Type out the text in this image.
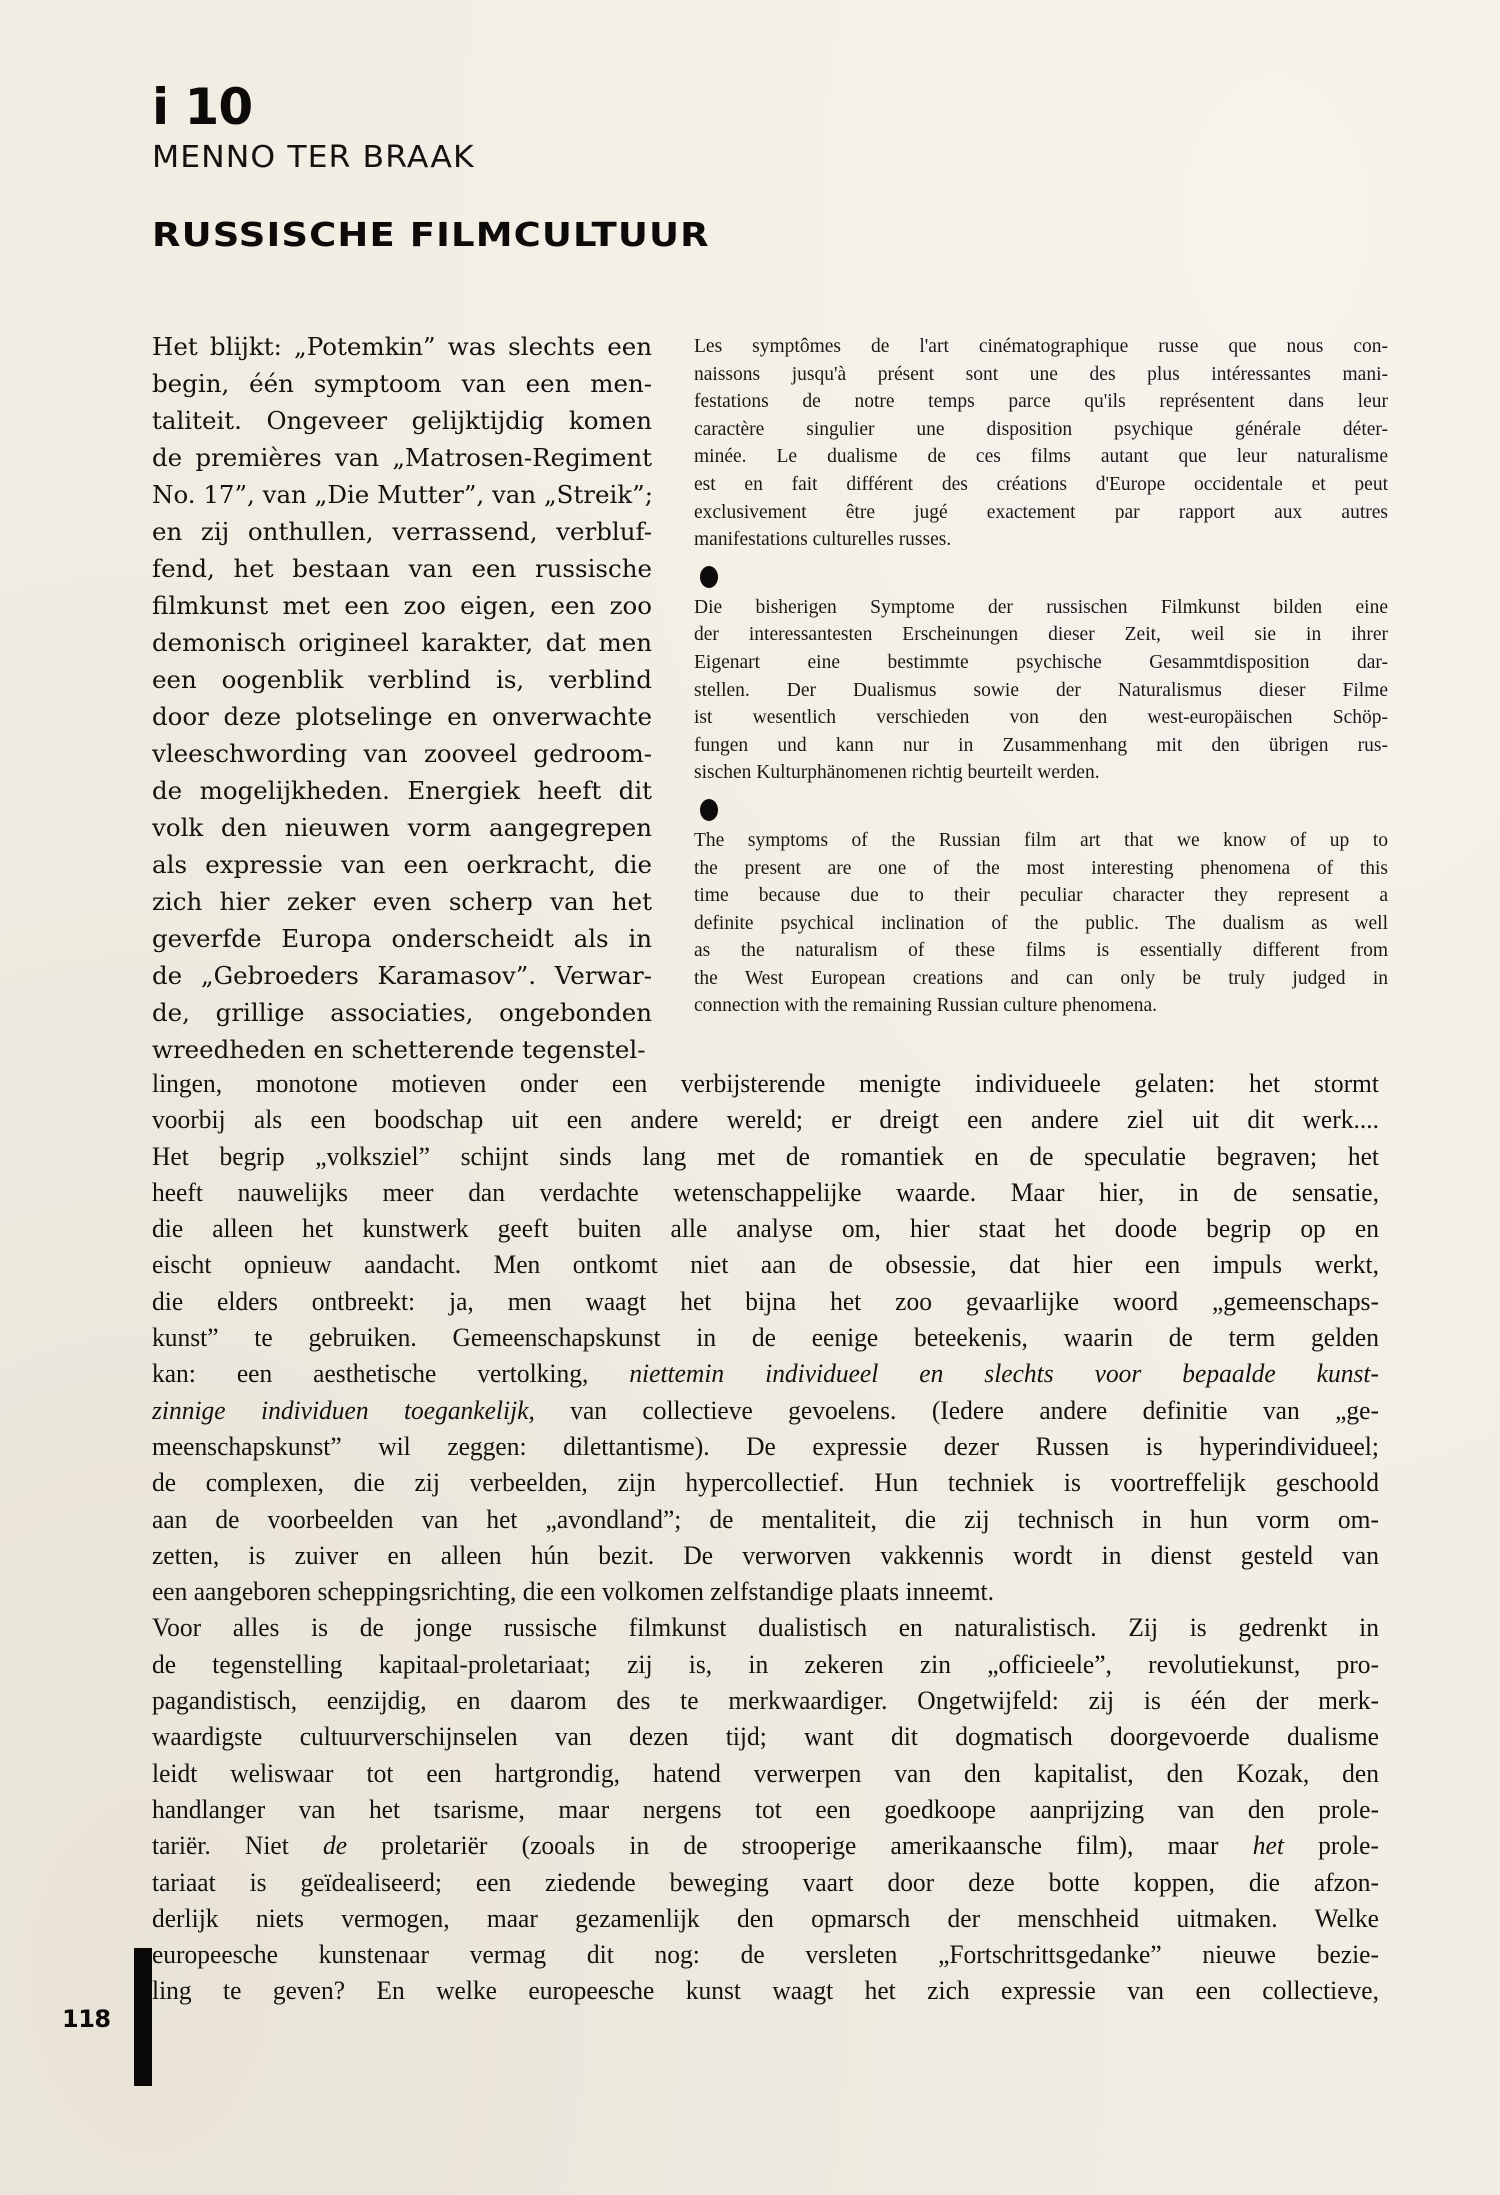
i 10
MENNO TER BRAAK
RUSSISCHE FILMCULTUUR
Het blijkt: „Potemkin” was slechts een
begin, één symptoom van een men-
taliteit. Ongeveer gelijktijdig komen
de premières van „Matrosen-Regiment
No. 17”, van „Die Mutter”, van „Streik”;
en zij onthullen, verrassend, verbluf-
fend, het bestaan van een russische
filmkunst met een zoo eigen, een zoo
demonisch origineel karakter, dat men
een oogenblik verblind is, verblind
door deze plotselinge en onverwachte
vleeschwording van zooveel gedroom-
de mogelijkheden. Energiek heeft dit
volk den nieuwen vorm aangegrepen
als expressie van een oerkracht, die
zich hier zeker even scherp van het
geverfde Europa onderscheidt als in
de „Gebroeders Karamasov”. Verwar-
de, grillige associaties, ongebonden
wreedheden en schetterende tegenstel-
Les symptômes de l'art cinématographique russe que nous con-
naissons jusqu'à présent sont une des plus intéressantes mani-
festations de notre temps parce qu'ils représentent dans leur
caractère singulier une disposition psychique générale déter-
minée. Le dualisme de ces films autant que leur naturalisme
est en fait différent des créations d'Europe occidentale et peut
exclusivement être jugé exactement par rapport aux autres
manifestations culturelles russes.
Die bisherigen Symptome der russischen Filmkunst bilden eine
der interessantesten Erscheinungen dieser Zeit, weil sie in ihrer
Eigenart eine bestimmte psychische Gesammtdisposition dar-
stellen. Der Dualismus sowie der Naturalismus dieser Filme
ist wesentlich verschieden von den west-europäischen Schöp-
fungen und kann nur in Zusammenhang mit den übrigen rus-
sischen Kulturphänomenen richtig beurteilt werden.
The symptoms of the Russian film art that we know of up to
the present are one of the most interesting phenomena of this
time because due to their peculiar character they represent a
definite psychical inclination of the public. The dualism as well
as the naturalism of these films is essentially different from
the West European creations and can only be truly judged in
connection with the remaining Russian culture phenomena.
lingen, monotone motieven onder een verbijsterende menigte individueele gelaten: het stormt
voorbij als een boodschap uit een andere wereld; er dreigt een andere ziel uit dit werk....
Het begrip „volksziel” schijnt sinds lang met de romantiek en de speculatie begraven; het
heeft nauwelijks meer dan verdachte wetenschappelijke waarde. Maar hier, in de sensatie,
die alleen het kunstwerk geeft buiten alle analyse om, hier staat het doode begrip op en
eischt opnieuw aandacht. Men ontkomt niet aan de obsessie, dat hier een impuls werkt,
die elders ontbreekt: ja, men waagt het bijna het zoo gevaarlijke woord „gemeenschaps-
kunst” te gebruiken. Gemeenschapskunst in de eenige beteekenis, waarin de term gelden
kan: een aesthetische vertolking, niettemin individueel en slechts voor bepaalde kunst-
zinnige individuen toegankelijk, van collectieve gevoelens. (Iedere andere definitie van „ge-
meenschapskunst” wil zeggen: dilettantisme). De expressie dezer Russen is hyperindividueel;
de complexen, die zij verbeelden, zijn hypercollectief. Hun techniek is voortreffelijk geschoold
aan de voorbeelden van het „avondland”; de mentaliteit, die zij technisch in hun vorm om-
zetten, is zuiver en alleen hún bezit. De verworven vakkennis wordt in dienst gesteld van
een aangeboren scheppingsrichting, die een volkomen zelfstandige plaats inneemt.
Voor alles is de jonge russische filmkunst dualistisch en naturalistisch. Zij is gedrenkt in
de tegenstelling kapitaal-proletariaat; zij is, in zekeren zin „officieele”, revolutiekunst, pro-
pagandistisch, eenzijdig, en daarom des te merkwaardiger. Ongetwijfeld: zij is één der merk-
waardigste cultuurverschijnselen van dezen tijd; want dit dogmatisch doorgevoerde dualisme
leidt weliswaar tot een hartgrondig, hatend verwerpen van den kapitalist, den Kozak, den
handlanger van het tsarisme, maar nergens tot een goedkoope aanprijzing van den prole-
tariër. Niet de proletariër (zooals in de strooperige amerikaansche film), maar het prole-
tariaat is geïdealiseerd; een ziedende beweging vaart door deze botte koppen, die afzon-
derlijk niets vermogen, maar gezamenlijk den opmarsch der menschheid uitmaken. Welke
europeesche kunstenaar vermag dit nog: de versleten „Fortschrittsgedanke” nieuwe bezie-
ling te geven? En welke europeesche kunst waagt het zich expressie van een collectieve,
118
